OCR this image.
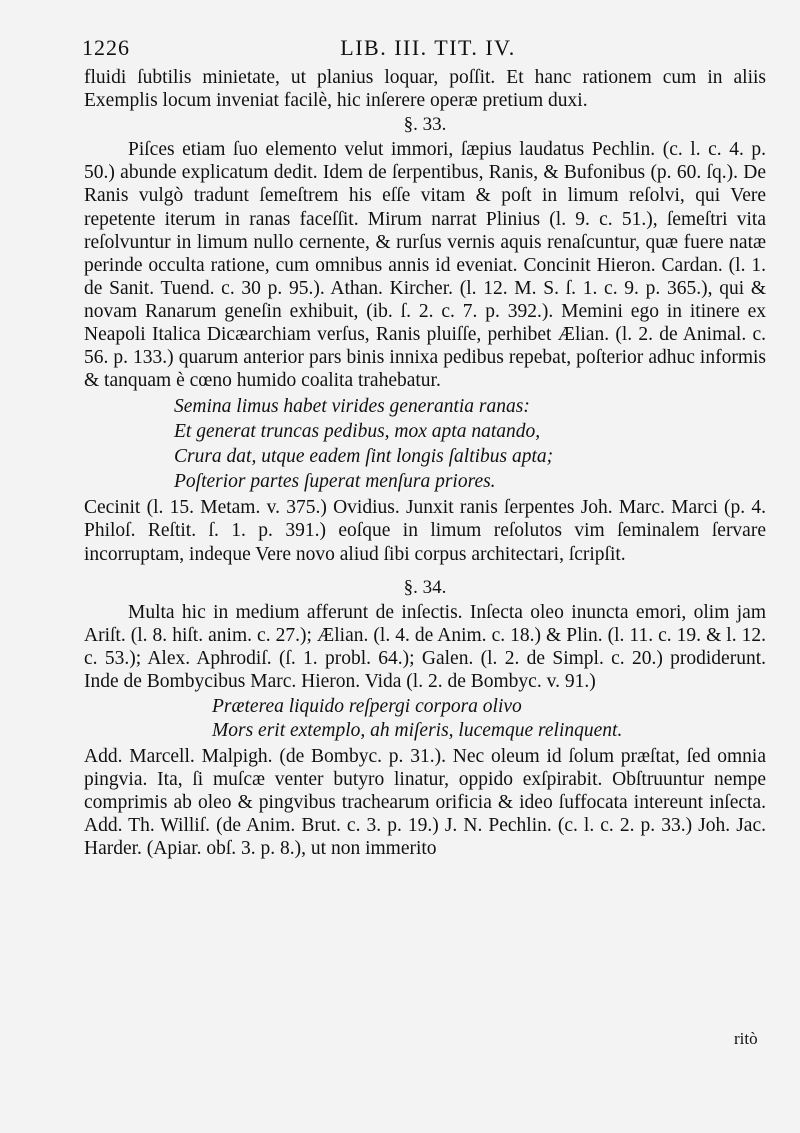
1226	LIB. III. TIT. IV.

fluidi ſubtilis minietate, ut planius loquar, poſſit. Et hanc rationem cum in aliis Exemplis locum inveniat facilè, hic inſerere operæ pretium duxi.

§. 33.

Piſces etiam ſuo elemento velut immori, ſæpius laudatus Pechlin. (c. l. c. 4. p. 50.) abunde explicatum dedit. Idem de ſerpentibus, Ranis, & Bufonibus (p. 60. ſq.). De Ranis vulgò tradunt ſemeſtrem his eſſe vitam & poſt in limum reſolvi, qui Vere repetente iterum in ranas faceſſit. Mirum narrat Plinius (l. 9. c. 51.), ſemeſtri vita reſolvuntur in limum nullo cernente, & rurſus vernis aquis renaſcuntur, quæ fuere natæ perinde occulta ratione, cum omnibus annis id eveniat. Concinit Hieron. Cardan. (l. 1. de Sanit. Tuend. c. 30 p. 95.). Athan. Kircher. (l. 12. M. S. ſ. 1. c. 9. p. 365.), qui & novam Ranarum geneſin exhibuit, (ib. ſ. 2. c. 7. p. 392.). Memini ego in itinere ex Neapoli Italica Dicæarchiam verſus, Ranis pluiſſe, perhibet Ælian. (l. 2. de Animal. c. 56. p. 133.) quarum anterior pars binis innixa pedibus repebat, poſterior adhuc informis & tanquam è cœno humido coalita trahebatur.

Semina limus habet virides generantia ranas:
Et generat truncas pedibus, mox apta natando,
Crura dat, utque eadem ſint longis ſaltibus apta;
Poſterior partes ſuperat menſura priores.

Cecinit (l. 15. Metam. v. 375.) Ovidius. Junxit ranis ſerpentes Joh. Marc. Marci (p. 4. Philoſ. Reſtit. ſ. 1. p. 391.) eoſque in limum reſolutos vim ſeminalem ſervare incorruptam, indeque Vere novo aliud ſibi corpus architectari, ſcripſit.

§. 34.

Multa hic in medium afferunt de inſectis. Inſecta oleo inuncta emori, olim jam Ariſt. (l. 8. hiſt. anim. c. 27.); Ælian. (l. 4. de Anim. c. 18.) & Plin. (l. 11. c. 19. & l. 12. c. 53.); Alex. Aphrodiſ. (ſ. 1. probl. 64.); Galen. (l. 2. de Simpl. c. 20.) prodiderunt. Inde de Bombycibus Marc. Hieron. Vida (l. 2. de Bombyc. v. 91.)

Præterea liquido reſpergi corpora olivo
Mors erit extemplo, ah miſeris, lucemque relinquent.

Add. Marcell. Malpigh. (de Bombyc. p. 31.). Nec oleum id ſolum præſtat, ſed omnia pingvia. Ita, ſi muſcæ venter butyro linatur, oppido exſpirabit. Obſtruuntur nempe comprimis ab oleo & pingvibus trachearum orificia & ideo ſuffocata intereunt inſecta. Add. Th. Williſ. (de Anim. Brut. c. 3. p. 19.) J. N. Pechlin. (c. l. c. 2. p. 33.) Joh. Jac. Harder. (Apiar. obſ. 3. p. 8.), ut non immerito

ritò
